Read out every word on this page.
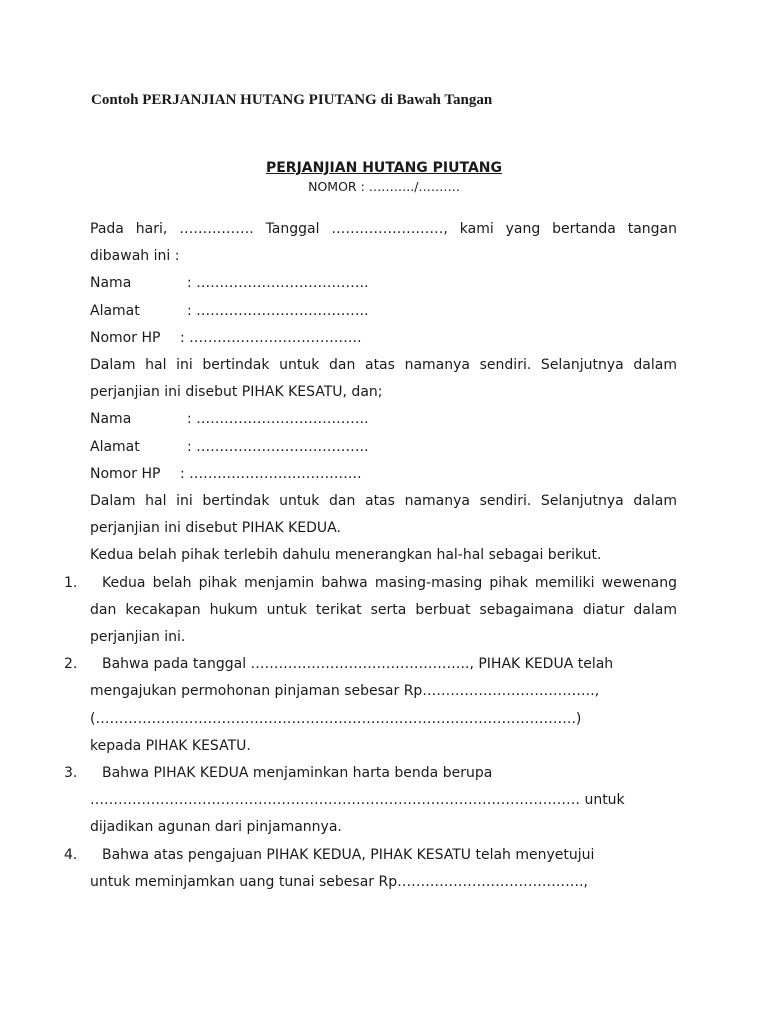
Contoh PERJANJIAN HUTANG PIUTANG di Bawah Tangan
PERJANJIAN HUTANG PIUTANG
NOMOR : ………../……….

Pada hari, ……………. Tanggal ……………………, kami yang bertanda tangan dibawah ini :

Nama	: ……………………………….
Alamat	: ……………………………….
Nomor HP	: ……………………………….

Dalam hal ini bertindak untuk dan atas namanya sendiri. Selanjutnya dalam perjanjian ini disebut PIHAK KESATU, dan;

Nama	: ……………………………….
Alamat	: ……………………………….
Nomor HP	: ……………………………….

Dalam hal ini bertindak untuk dan atas namanya sendiri. Selanjutnya dalam perjanjian ini disebut PIHAK KEDUA.

Kedua belah pihak terlebih dahulu menerangkan hal-hal sebagai berikut.

1.	Kedua belah pihak menjamin bahwa masing-masing pihak memiliki wewenang dan kecakapan hukum untuk terikat serta berbuat sebagaimana diatur dalam perjanjian ini.

2.	Bahwa pada tanggal ……………………………………….., PIHAK KEDUA telah
mengajukan permohonan pinjaman sebesar Rp……………………………….,
(………………………………………………………………………………………….)
kepada PIHAK KESATU.
3.	Bahwa PIHAK KEDUA menjaminkan harta benda berupa
…………………………………………………………………………………………… untuk
dijadikan agunan dari pinjamannya.
4.	Bahwa atas pengajuan PIHAK KEDUA, PIHAK KESATU telah menyetujui
untuk meminjamkan uang tunai sebesar Rp………………………………….,
